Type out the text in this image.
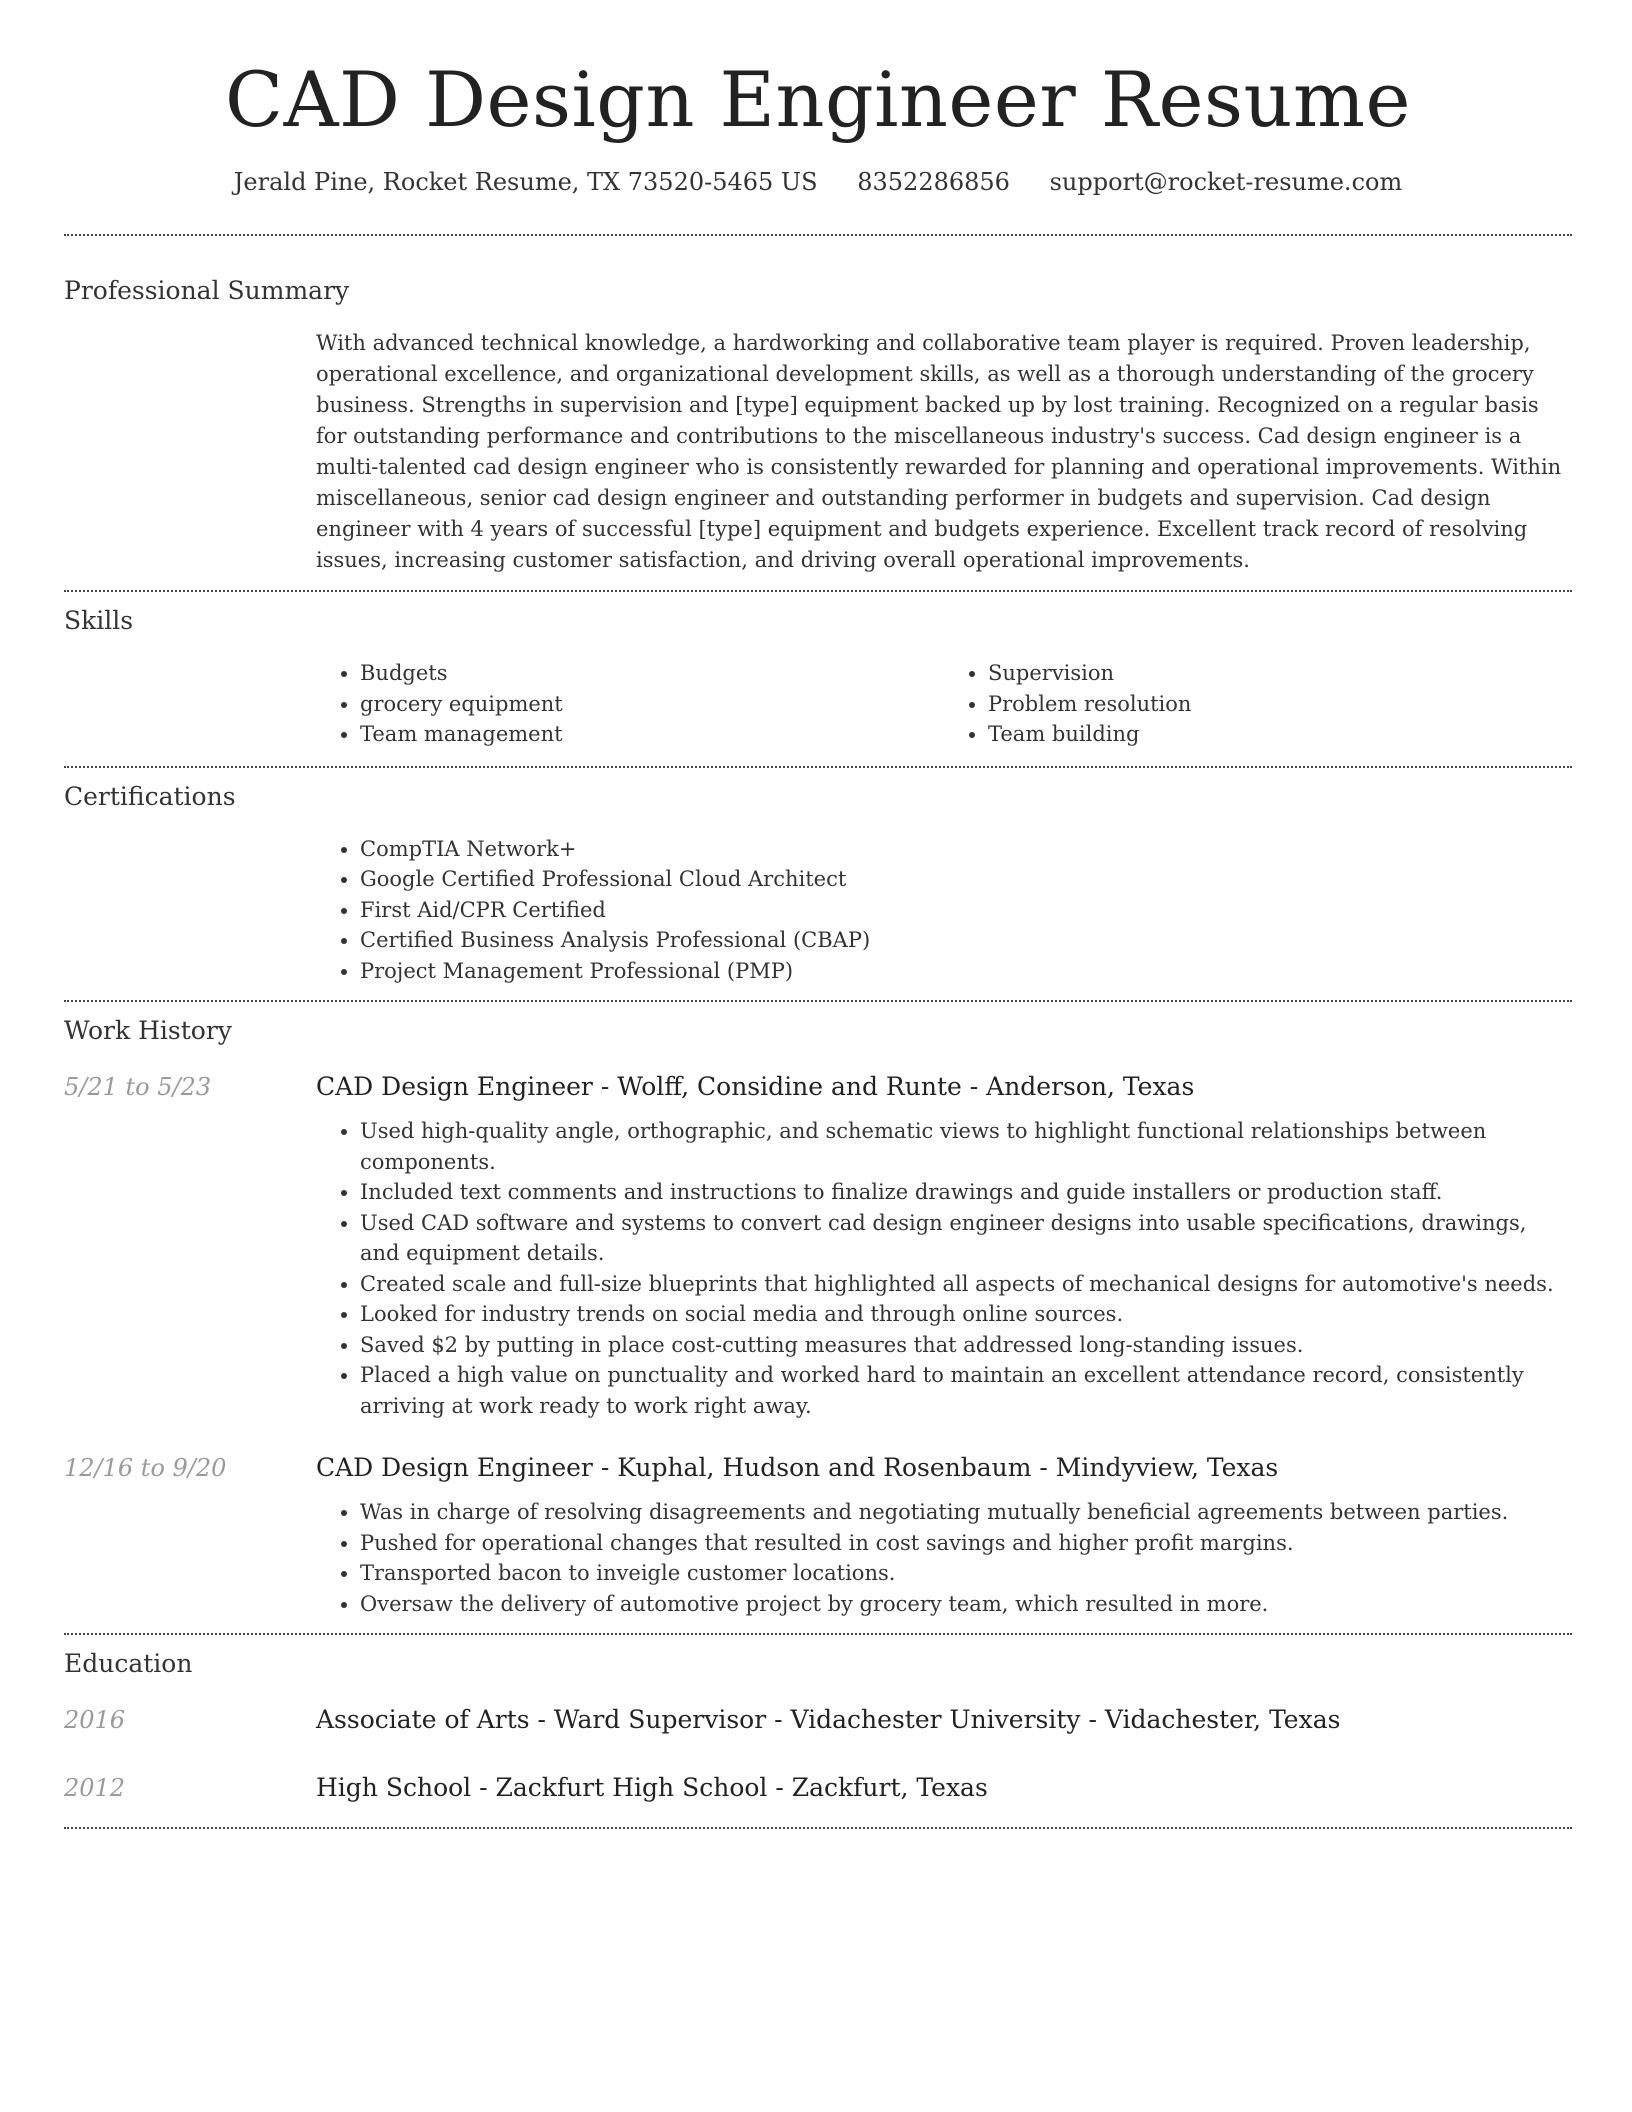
CAD Design Engineer Resume
Jerald Pine, Rocket Resume, TX 73520-5465 US 8352286856 support@rocket-resume.com
Professional Summary

With advanced technical knowledge, a hardworking and collaborative team player is required. Proven leadership, operational excellence, and organizational development skills, as well as a thorough understanding of the grocery business. Strengths in supervision and [type] equipment backed up by lost training. Recognized on a regular basis for outstanding performance and contributions to the miscellaneous industry's success. Cad design engineer is a multi-talented cad design engineer who is consistently rewarded for planning and operational improvements. Within miscellaneous, senior cad design engineer and outstanding performer in budgets and supervision. Cad design engineer with 4 years of successful [type] equipment and budgets experience. Excellent track record of resolving issues, increasing customer satisfaction, and driving overall operational improvements.

Skills
• Budgets
• grocery equipment
• Team management
• Supervision
• Problem resolution
• Team building
Certifications
• CompTIA Network+
• Google Certified Professional Cloud Architect
• First Aid/CPR Certified
• Certified Business Analysis Professional (CBAP)
• Project Management Professional (PMP)
Work History
5/21 to 5/23	CAD Design Engineer - Wolff, Considine and Runte - Anderson, Texas
• Used high-quality angle, orthographic, and schematic views to highlight functional relationships between components.
• Included text comments and instructions to finalize drawings and guide installers or production staff.
• Used CAD software and systems to convert cad design engineer designs into usable specifications, drawings, and equipment details.
• Created scale and full-size blueprints that highlighted all aspects of mechanical designs for automotive's needs.
• Looked for industry trends on social media and through online sources.
• Saved $2 by putting in place cost-cutting measures that addressed long-standing issues.
• Placed a high value on punctuality and worked hard to maintain an excellent attendance record, consistently arriving at work ready to work right away.
12/16 to 9/20	CAD Design Engineer - Kuphal, Hudson and Rosenbaum - Mindyview, Texas
• Was in charge of resolving disagreements and negotiating mutually beneficial agreements between parties.
• Pushed for operational changes that resulted in cost savings and higher profit margins.
• Transported bacon to inveigle customer locations.
• Oversaw the delivery of automotive project by grocery team, which resulted in more.
Education
2016	Associate of Arts - Ward Supervisor - Vidachester University - Vidachester, Texas
2012	High School - Zackfurt High School - Zackfurt, Texas
